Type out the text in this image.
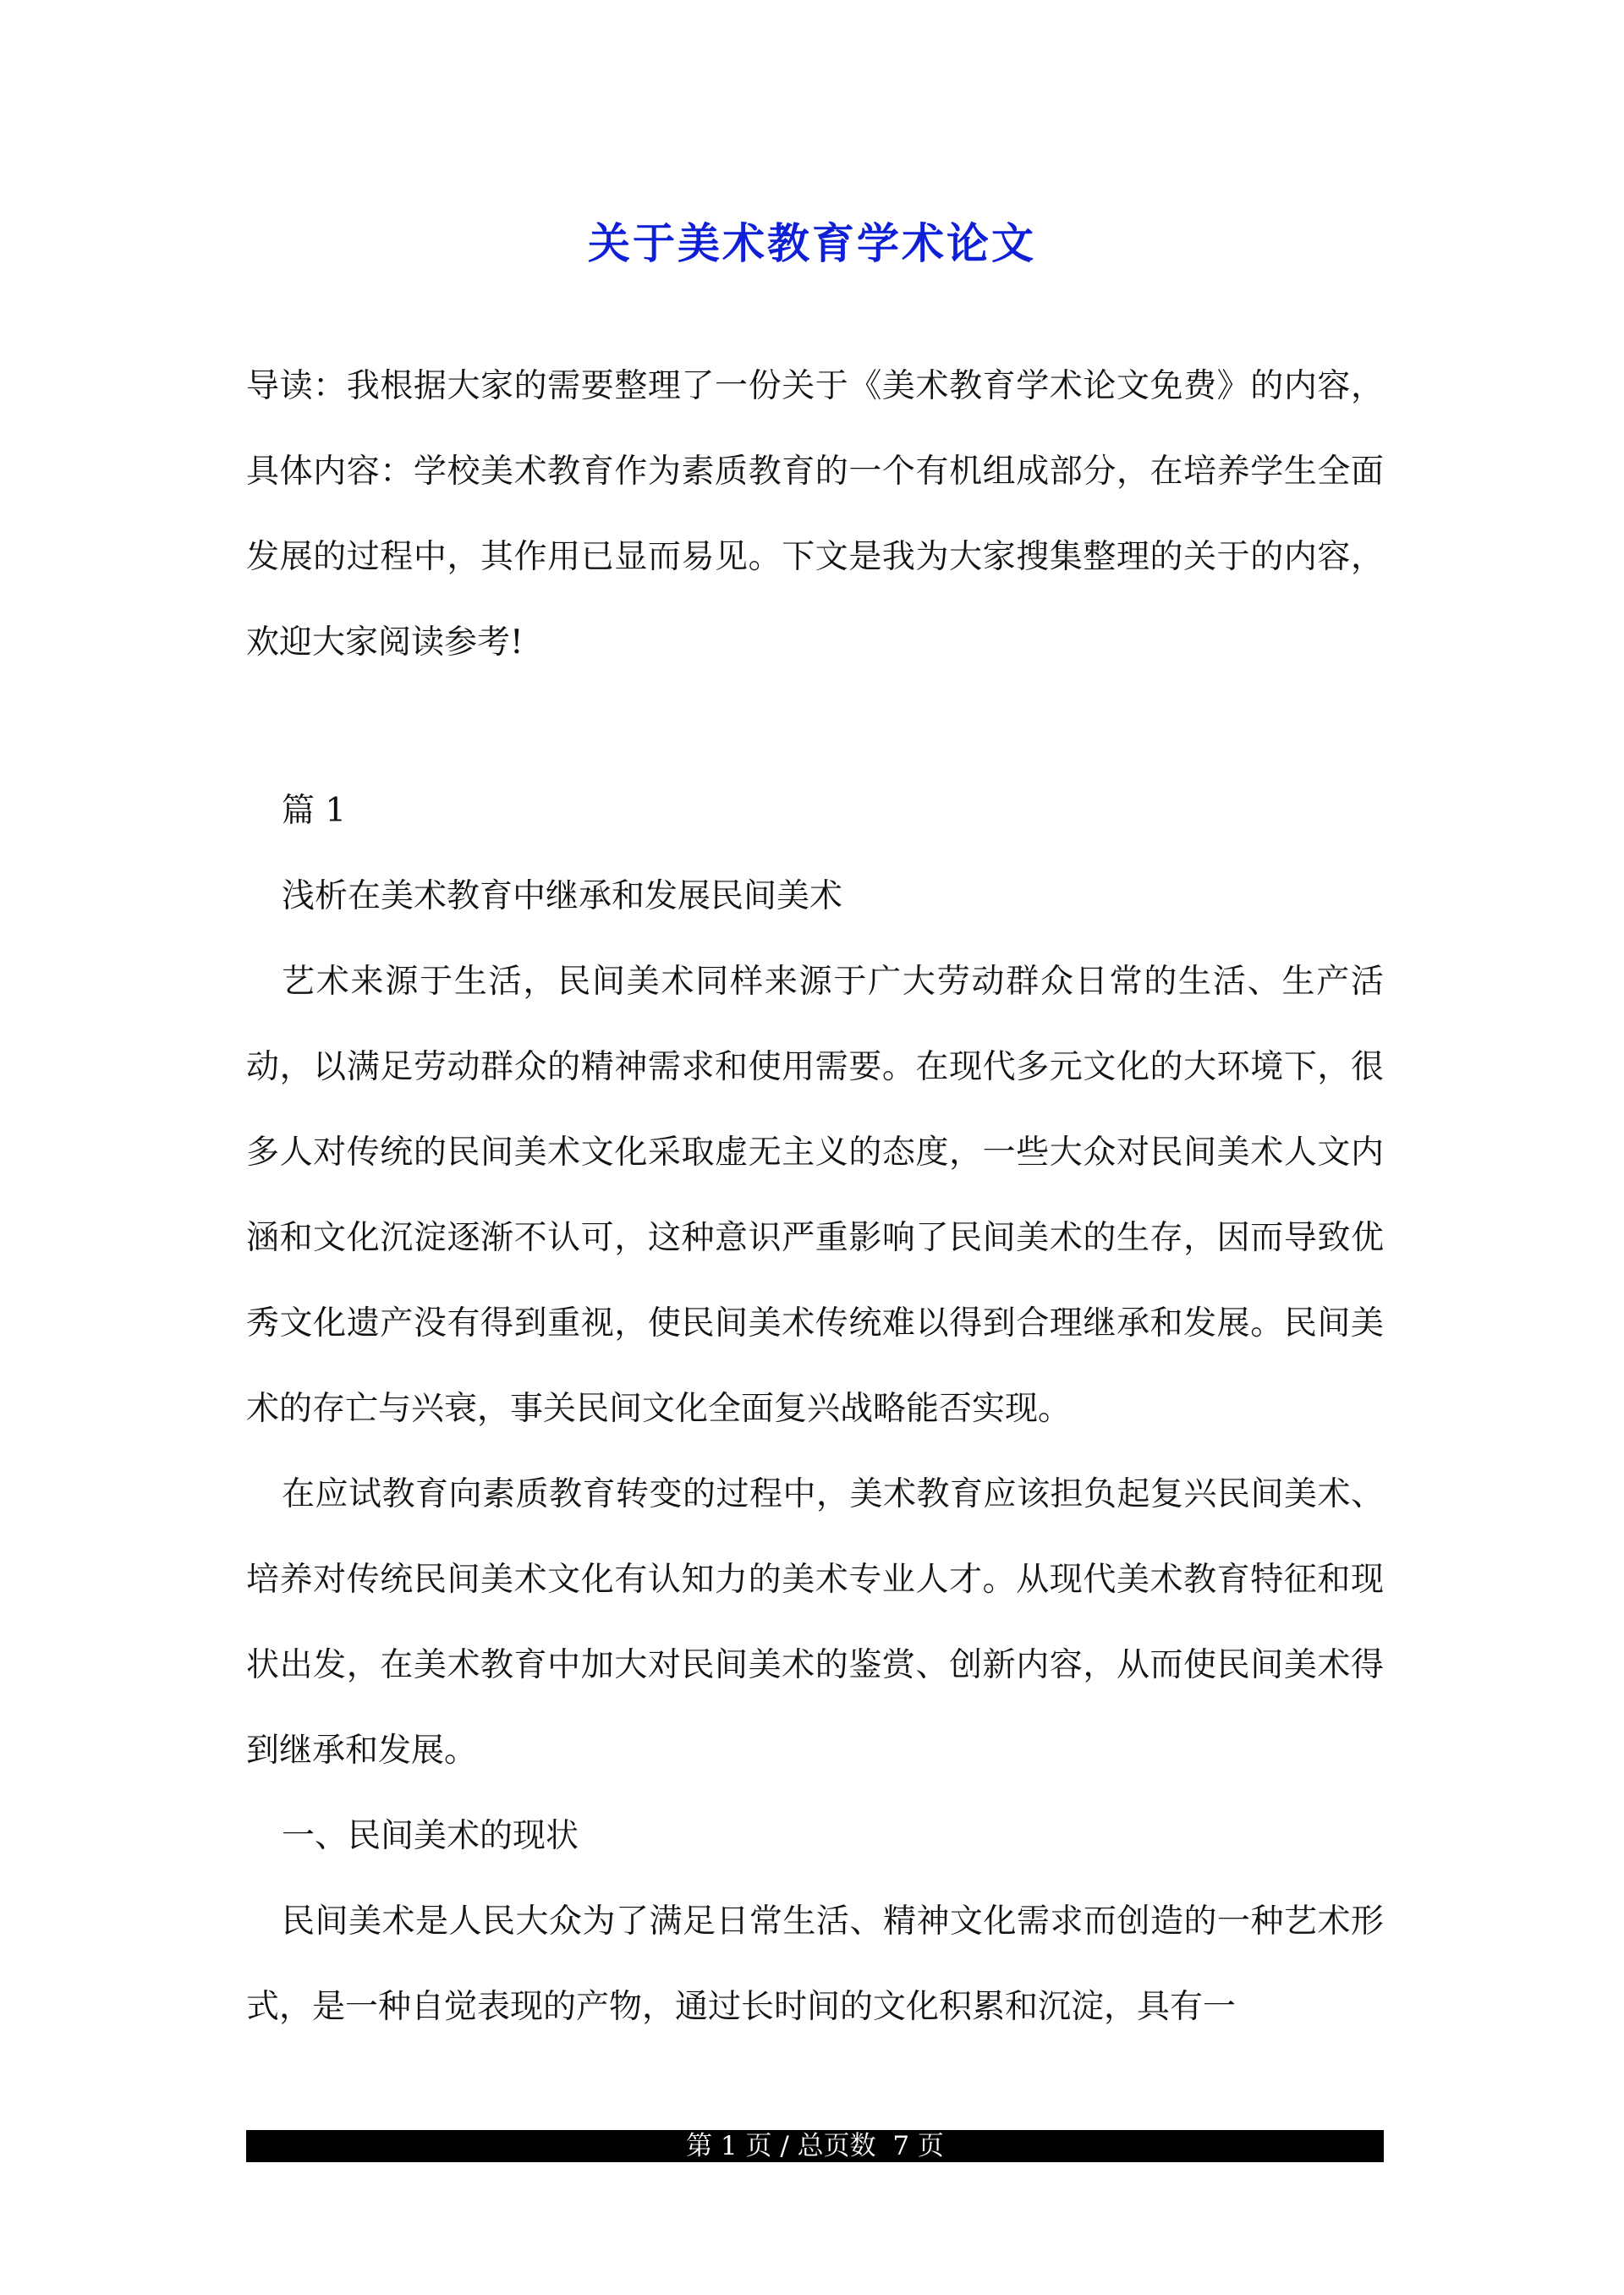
关于美术教育学术论文

导读：我根据大家的需要整理了一份关于《美术教育学术论文免费》的内容，具体内容：学校美术教育作为素质教育的一个有机组成部分，在培养学生全面发展的过程中，其作用已显而易见。下文是我为大家搜集整理的关于的内容，欢迎大家阅读参考!

篇 1

浅析在美术教育中继承和发展民间美术

艺术来源于生活，民间美术同样来源于广大劳动群众日常的生活、生产活动，以满足劳动群众的精神需求和使用需要。在现代多元文化的大环境下，很多人对传统的民间美术文化采取虚无主义的态度，一些大众对民间美术人文内涵和文化沉淀逐渐不认可，这种意识严重影响了民间美术的生存，因而导致优秀文化遗产没有得到重视，使民间美术传统难以得到合理继承和发展。民间美术的存亡与兴衰，事关民间文化全面复兴战略能否实现。

在应试教育向素质教育转变的过程中，美术教育应该担负起复兴民间美术、培养对传统民间美术文化有认知力的美术专业人才。从现代美术教育特征和现状出发，在美术教育中加大对民间美术的鉴赏、创新内容，从而使民间美术得到继承和发展。

一、民间美术的现状

民间美术是人民大众为了满足日常生活、精神文化需求而创造的一种艺术形式，是一种自觉表现的产物，通过长时间的文化积累和沉淀，具有一

第 1 页 / 总页数  7 页
